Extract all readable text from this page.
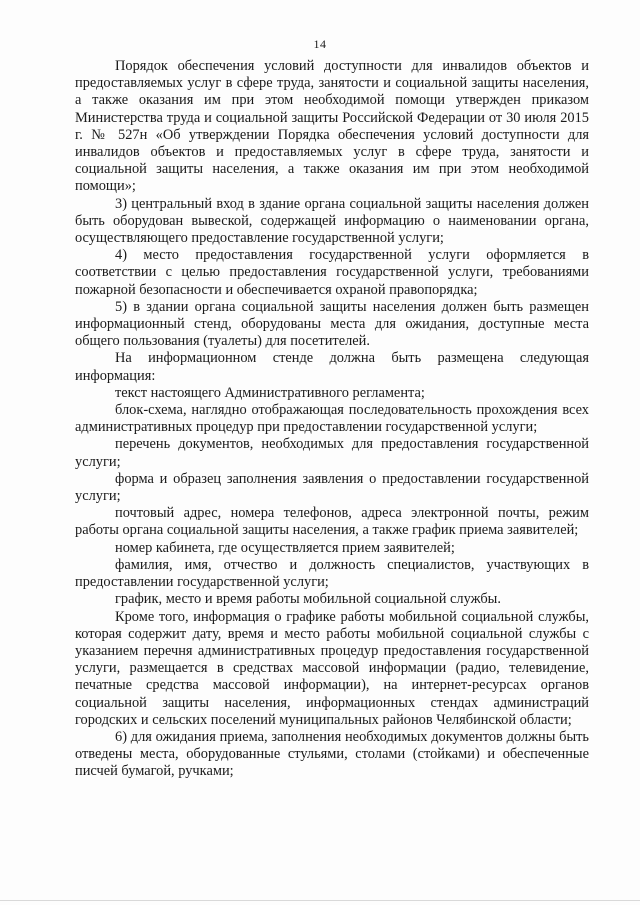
14

Порядок обеспечения условий доступности для инвалидов объектов и предоставляемых услуг в сфере труда, занятости и социальной защиты населения, а также оказания им при этом необходимой помощи утвержден приказом Министерства труда и социальной защиты Российской Федерации от 30 июля 2015 г. № 527н «Об утверждении Порядка обеспечения условий доступности для инвалидов объектов и предоставляемых услуг в сфере труда, занятости и социальной защиты населения, а также оказания им при этом необходимой помощи»;

3) центральный вход в здание органа социальной защиты населения должен быть оборудован вывеской, содержащей информацию о наименовании органа, осуществляющего предоставление государственной услуги;

4) место предоставления государственной услуги оформляется в соответствии с целью предоставления государственной услуги, требованиями пожарной безопасности и обеспечивается охраной правопорядка;

5) в здании органа социальной защиты населения должен быть размещен информационный стенд, оборудованы места для ожидания, доступные места общего пользования (туалеты) для посетителей.

На информационном стенде должна быть размещена следующая информация:

текст настоящего Административного регламента;

блок-схема, наглядно отображающая последовательность прохождения всех административных процедур при предоставлении государственной услуги;

перечень документов, необходимых для предоставления государственной услуги;

форма и образец заполнения заявления о предоставлении государственной услуги;

почтовый адрес, номера телефонов, адреса электронной почты, режим работы органа социальной защиты населения, а также график приема заявителей;

номер кабинета, где осуществляется прием заявителей;

фамилия, имя, отчество и должность специалистов, участвующих в предоставлении государственной услуги;

график, место и время работы мобильной социальной службы.

Кроме того, информация о графике работы мобильной социальной службы, которая содержит дату, время и место работы мобильной социальной службы с указанием перечня административных процедур предоставления государственной услуги, размещается в средствах массовой информации (радио, телевидение, печатные средства массовой информации), на интернет-ресурсах органов социальной защиты населения, информационных стендах администраций городских и сельских поселений муниципальных районов Челябинской области;

6) для ожидания приема, заполнения необходимых документов должны быть отведены места, оборудованные стульями, столами (стойками) и обеспеченные писчей бумагой, ручками;
